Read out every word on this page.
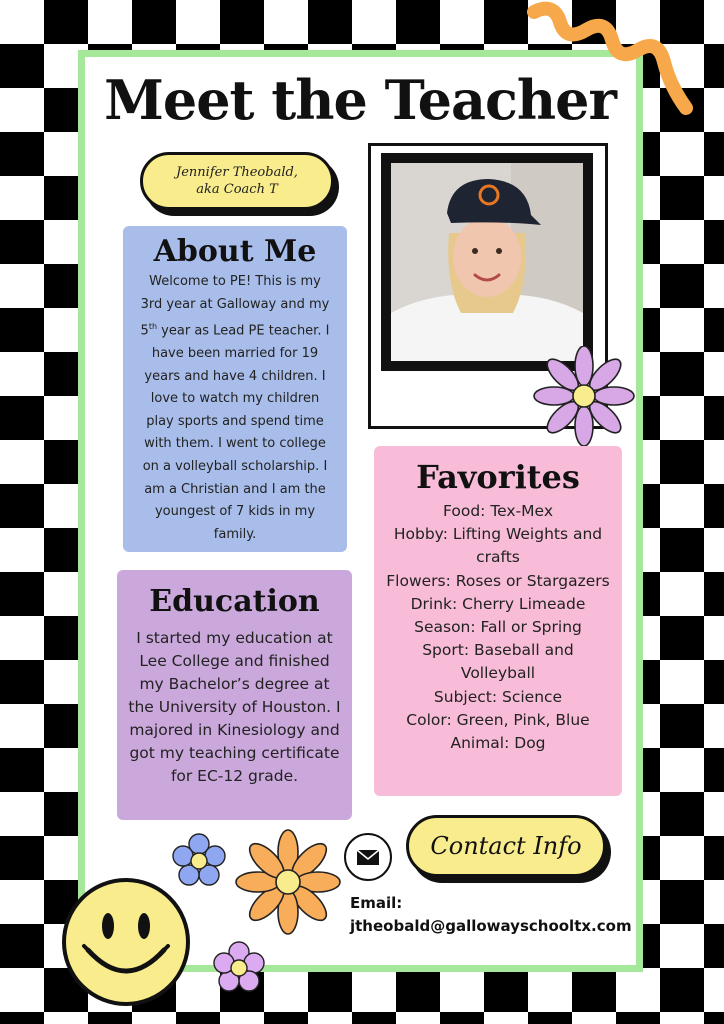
Meet the Teacher
Jennifer Theobald,
aka Coach T
About Me

Welcome to PE! This is my 3rd year at Galloway and my 5th year as Lead PE teacher. I have been married for 19 years and have 4 children. I love to watch my children play sports and spend time with them. I went to college on a volleyball scholarship. I am a Christian and I am the youngest of 7 kids in my family.

Education

I started my education at Lee College and finished my Bachelor’s degree at the University of Houston. I majored in Kinesiology and got my teaching certificate for EC-12 grade.

Favorites
Food: Tex-Mex
Hobby: Lifting Weights and crafts
Flowers: Roses or Stargazers
Drink: Cherry Limeade
Season: Fall or Spring
Sport: Baseball and Volleyball
Subject: Science
Color: Green, Pink, Blue
Animal: Dog
Contact Info
Email:
jtheobald@gallowayschooltx.com
